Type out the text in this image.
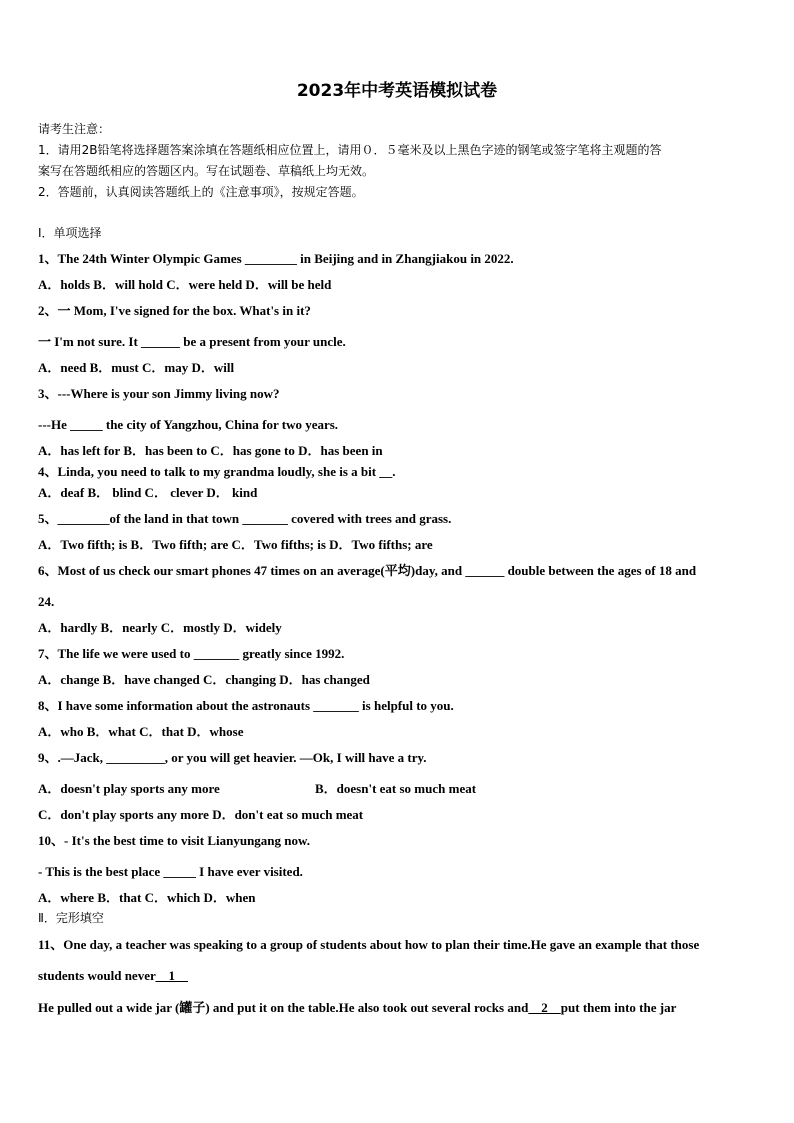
2023年中考英语模拟试卷
请考生注意：
1．请用2B铅笔将选择题答案涂填在答题纸相应位置上，请用０．５毫米及以上黑色字迹的钢笔或签字笔将主观题的答
案写在答题纸相应的答题区内。写在试题卷、草稿纸上均无效。
2．答题前，认真阅读答题纸上的《注意事项》，按规定答题。
Ⅰ．单项选择
1、The 24th Winter Olympic Games ________ in Beijing and in Zhangjiakou in 2022.
A．holds B．will hold C．were held D．will be held
2、一 Mom, I've signed for the box. What's in it?
一 I'm not sure. It ______ be a present from your uncle.
A．need B．must C．may D．will
3、---Where is your son Jimmy living now?
---He _____ the city of Yangzhou, China for two years.
A．has left for B．has been to C．has gone to D．has been in
4、Linda, you need to talk to my grandma loudly, she is a bit __.
A．deaf B． blind C． clever D． kind
5、________of the land in that town _______ covered with trees and grass.
A．Two fifth; is B．Two fifth; are C．Two fifths; is D．Two fifths; are
6、Most of us check our smart phones 47 times on an average(平均)day, and ______ double between the ages of 18 and
24.
A．hardly B．nearly C．mostly D．widely
7、The life we were used to _______ greatly since 1992.
A．change B．have changed C．changing D．has changed
8、I have some information about the astronauts _______ is helpful to you.
A．who B．what C．that D．whose
9、.—Jack, _________, or you will get heavier. —Ok, I will have a try.
A．doesn't play sports any more	B．doesn't eat so much meat
C．don't play sports any more D．don't eat so much meat
10、- It's the best time to visit Lianyungang now.
- This is the best place _____ I have ever visited.
A．where B．that C．which D．when
Ⅱ．完形填空
11、One day, a teacher was speaking to a group of students about how to plan their time.He gave an example that those
students would never    1
He pulled out a wide jar (罐子) and put it on the table.He also took out several rocks and    2    put them into the jar
